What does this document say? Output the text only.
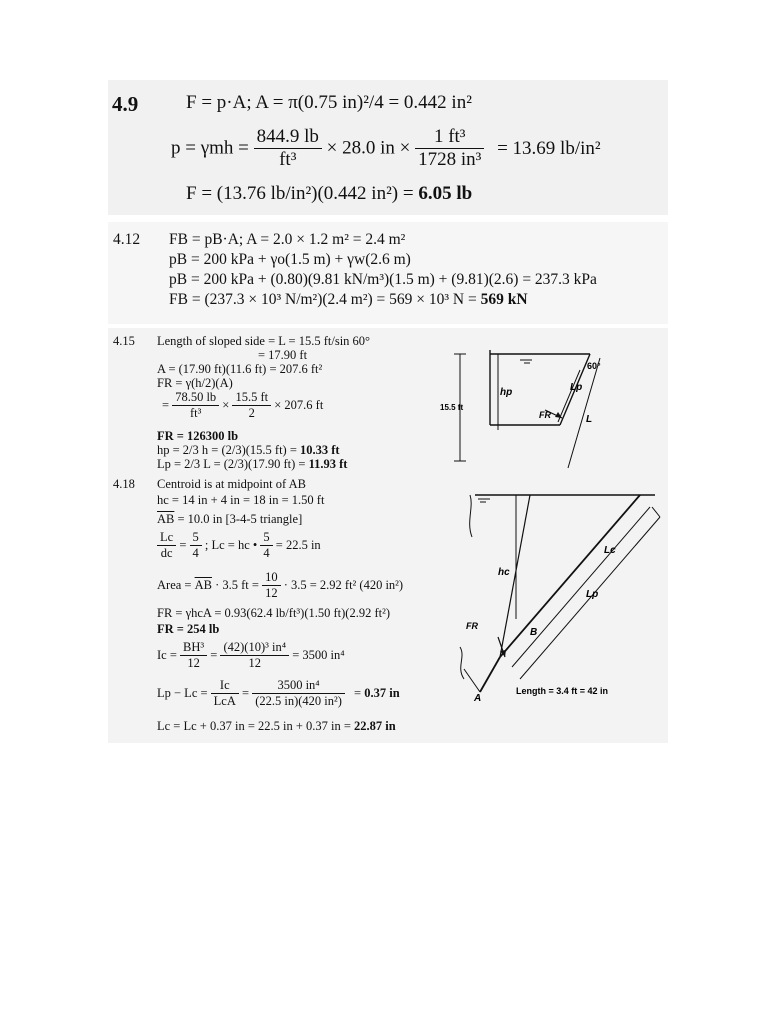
4.9	F = p·A; A = π(0.75 in)²/4 = 0.442 in²
$p = \gamma mh = \frac{844.9 lb}{\text{ft³}} \times 28.0$ in × $\frac{\text{1 ft³}}{\text{1728 in³}} = 13.69$ lb/in²
F = (13.76 lb/in²)(0.442 in²) = 6.05 lb
4.12 FB = pB·A; A = 2.0 × 1.2 m² = 2.4 m²
pB = 200 kPa + γo(1.5 m) + γw(2.6 m)
pB = 200 kPa + (0.80)(9.81 kN/m³)(1.5 m) + (9.81)(2.6) = 237.3 kPa
FB = (237.3 × 10³ N/m²)(2.4 m²) = 569 × 10³ N = 569 kN
4.15 Length of sloped side = L = 15.5 ft/sin 60°
= 17.90 ft
A = (17.90 ft)(11.6 ft) = 207.6 ft²
FR = γ(h/2)(A)
= $\frac{78.50 lb}{\text{ft³}} \times \frac{15.5 ft}{2} \times 207.6$ ft
FR = 126300 lb
hp = 2/3 h = (2/3)(15.5 ft) = 10.33 ft
Lp = 2/3 L = (2/3)(17.90 ft) = 11.93 ft
60°
15.5 ft
hp	Lp
FR	L
4.18 Centroid is at midpoint of AB
hc = 14 in + 4 in = 18 in = 1.50 ft
$\overline{AB} = 10.0$ in [3-4-5 triangle]
$\frac{Lc}{dc} = \frac{5}{4}$ ; Lc = hc • $\frac{5}{4} = 22.5$ in
Area = $\overline{AB} \cdot 3.5$ ft = $\frac{10}{12} \cdot 3.5 = 2.92$ ft² (420 in²)
FR = γhcA = 0.93(62.4 lb/ft³)(1.50 ft)(2.92 ft²)
FR = 254 lb
$Ic = \frac{\text{BH³}}{12} = \frac{\text{(42)(10)³ in⁴}}{12} = 3500$ in⁴
$Lp - Lc = \frac{Ic}{\text{LcA}} = \frac{\text{3500 in⁴}}{\text{(22.5 in)(420 in²)}} = 0.37$ in
Lc = Lc + 0.37 in = 22.5 in + 0.37 in = 22.87 in
hc
Lc
Lp
FR
B
A
Length = 3.4 ft = 42 in
